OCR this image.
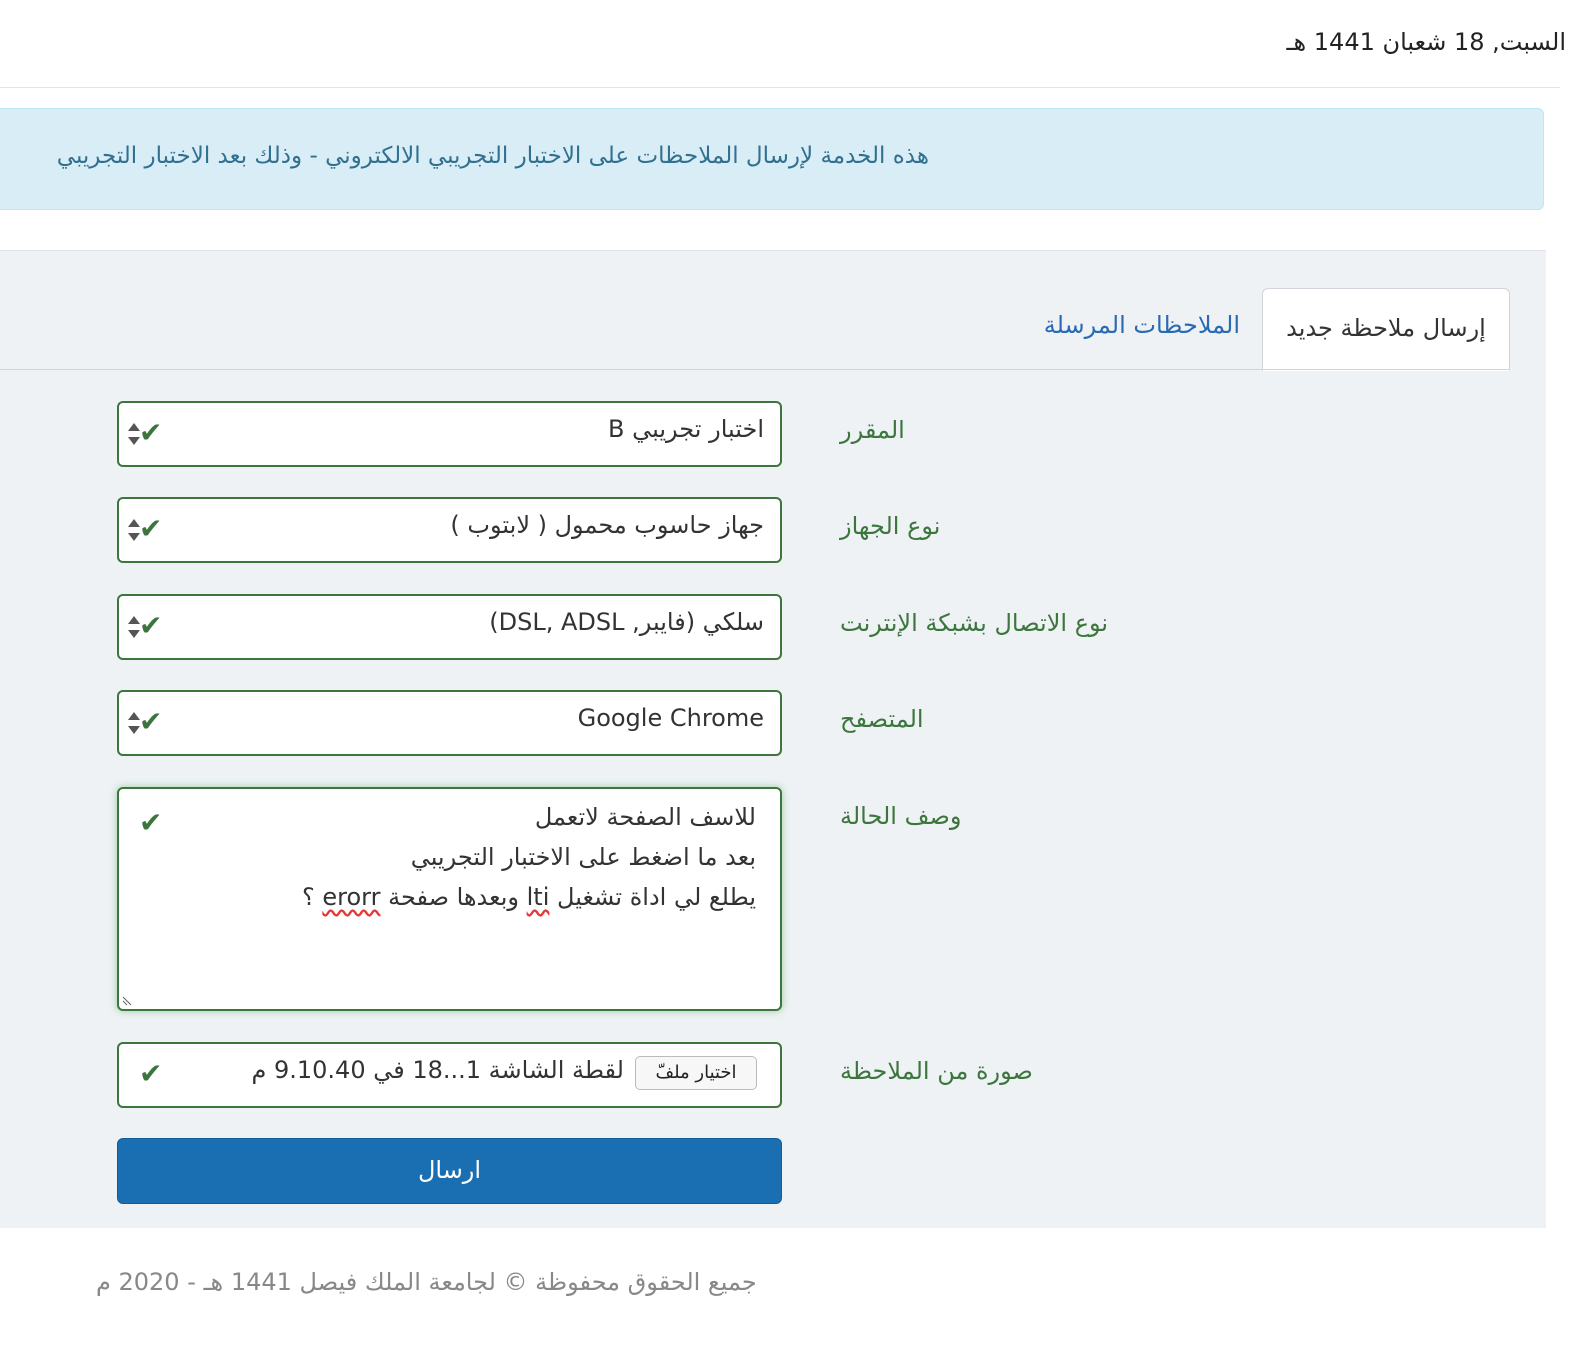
السبت, 18 شعبان 1441 هـ
هذه الخدمة لإرسال الملاحظات على الاختبار التجريبي الالكتروني - وذلك بعد الاختبار التجريبي
إرسال ملاحظة جديد
الملاحظات المرسلة
المقرر
اختبار تجريبي B
✔
نوع الجهاز
جهاز حاسوب محمول ( لابتوب )
✔
نوع الاتصال بشبكة الإنترنت
سلكي (فايبر, DSL, ADSL)
✔
المتصفح
Google Chrome
✔
وصف الحالة
للاسف الصفحة لاتعمل
بعد ما اضغط على الاختبار التجريبي
يطلع لي اداة تشغيل lti وبعدها صفحة erorr ؟
✔
صورة من الملاحظة
اختيار ملفّ
لقطة الشاشة 1...18 في 9.10.40 م
✔
ارسال
جميع الحقوق محفوظة © لجامعة الملك فيصل 1441 هـ - 2020 م
